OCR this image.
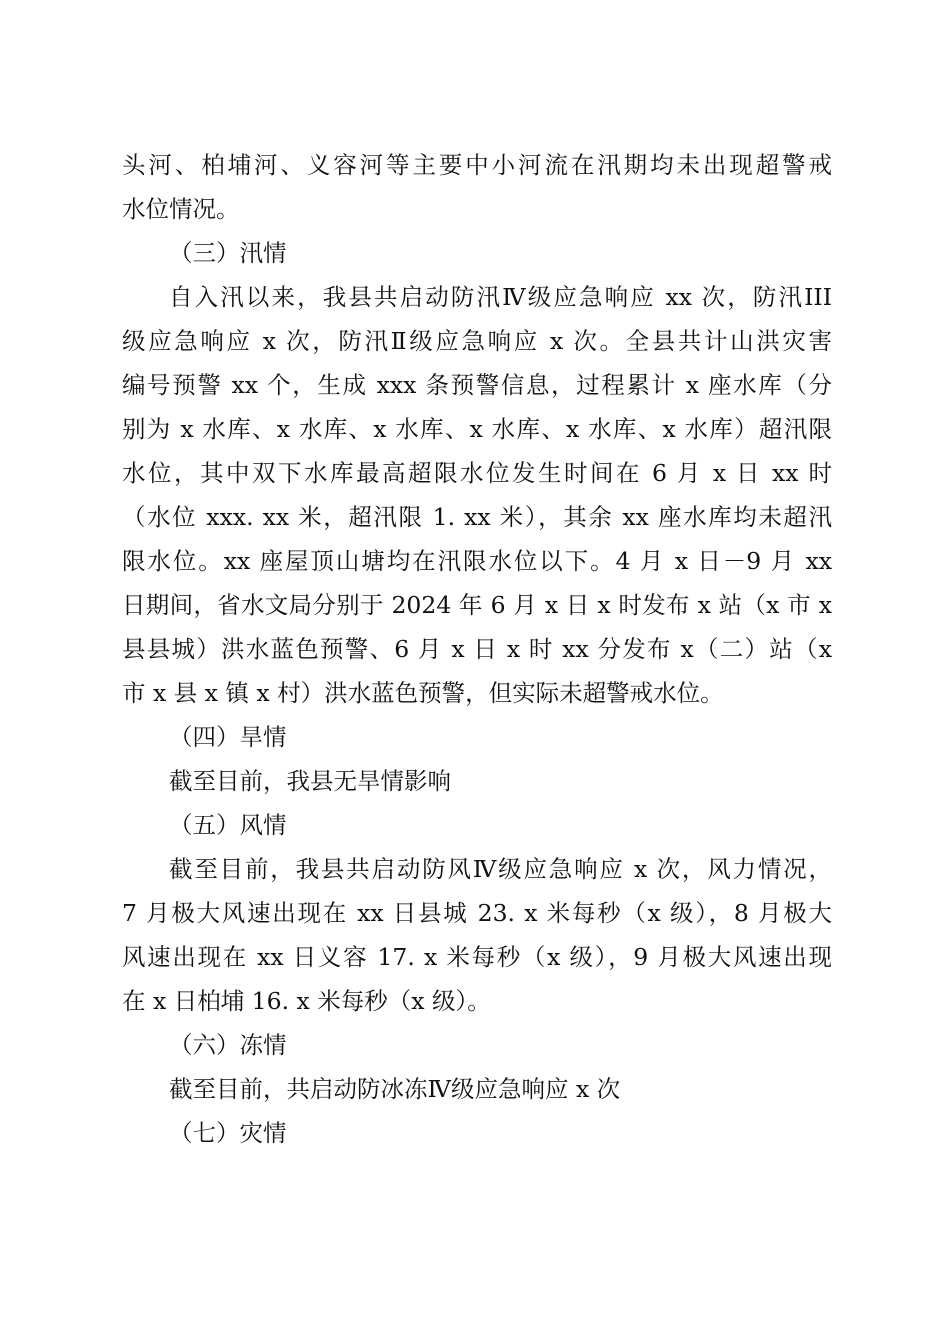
头河、柏埔河、义容河等主要中小河流在汛期均未出现超警戒
水位情况。
（三）汛情
自入汛以来，我县共启动防汛Ⅳ级应急响应 xx 次，防汛III
级应急响应 x 次，防汛Ⅱ级应急响应 x 次。全县共计山洪灾害
编号预警 xx 个，生成 xxx 条预警信息，过程累计 x 座水库（分
别为 x 水库、x 水库、x 水库、x 水库、x 水库、x 水库）超汛限
水位，其中双下水库最高超限水位发生时间在 6 月 x 日 xx 时
（水位 xxx. xx 米，超汛限 1. xx 米），其余 xx 座水库均未超汛
限水位。xx 座屋顶山塘均在汛限水位以下。4 月 x 日－9 月 xx
日期间，省水文局分别于 2024 年 6 月 x 日 x 时发布 x 站（x 市 x
县县城）洪水蓝色预警、6 月 x 日 x 时 xx 分发布 x（二）站（x
市 x 县 x 镇 x 村）洪水蓝色预警，但实际未超警戒水位。
（四）旱情
截至目前，我县无旱情影响
（五）风情
截至目前，我县共启动防风Ⅳ级应急响应 x 次，风力情况，
7 月极大风速出现在 xx 日县城 23. x 米每秒（x 级），8 月极大
风速出现在 xx 日义容 17. x 米每秒（x 级），9 月极大风速出现
在 x 日柏埔 16. x 米每秒（x 级）。
（六）冻情
截至目前，共启动防冰冻Ⅳ级应急响应 x 次
（七）灾情
